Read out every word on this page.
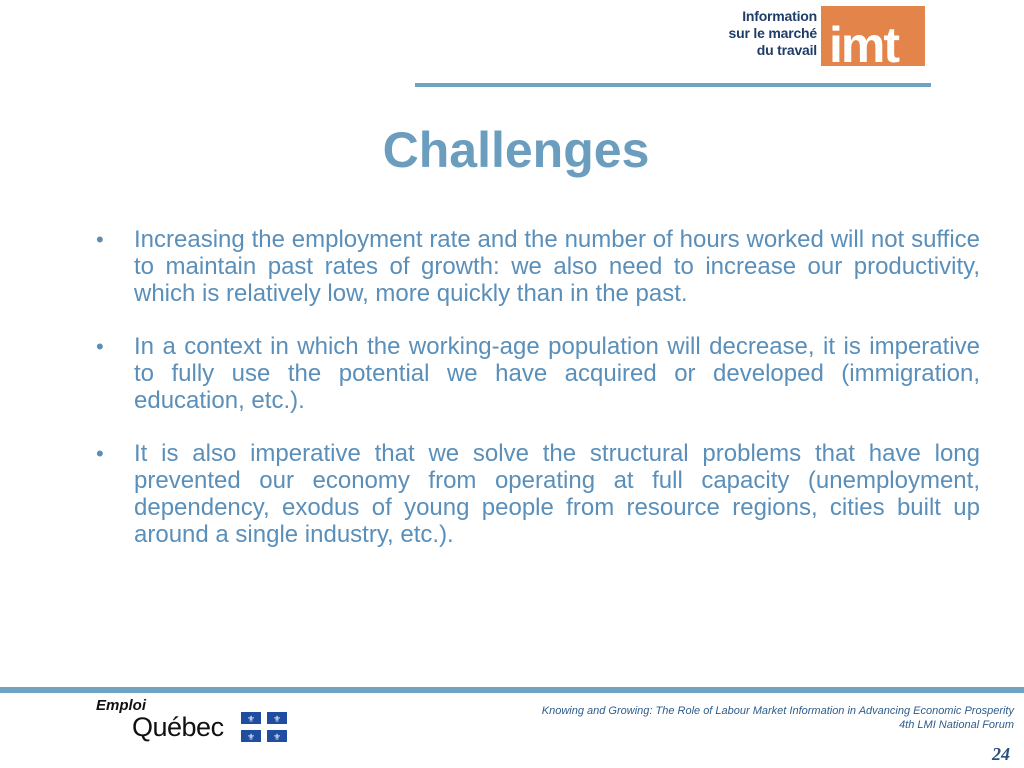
Information
sur le marché
du travail imt
Challenges
•	Increasing the employment rate and the number of hours worked will not suffice to maintain past rates of growth: we also need to increase our productivity, which is relatively low, more quickly than in the past.
•	In a context in which the working-age population will decrease, it is imperative to fully use the potential we have acquired or developed (immigration, education, etc.).
•	It is also imperative that we solve the structural problems that have long prevented our economy from operating at full capacity (unemployment, dependency, exodus of young people from resource regions, cities built up around a single industry, etc.).
Emploi
Québec	⚜ ⚜
⚜ ⚜
Knowing and Growing: The Role of Labour Market Information in Advancing Economic Prosperity
4th LMI National Forum
24
